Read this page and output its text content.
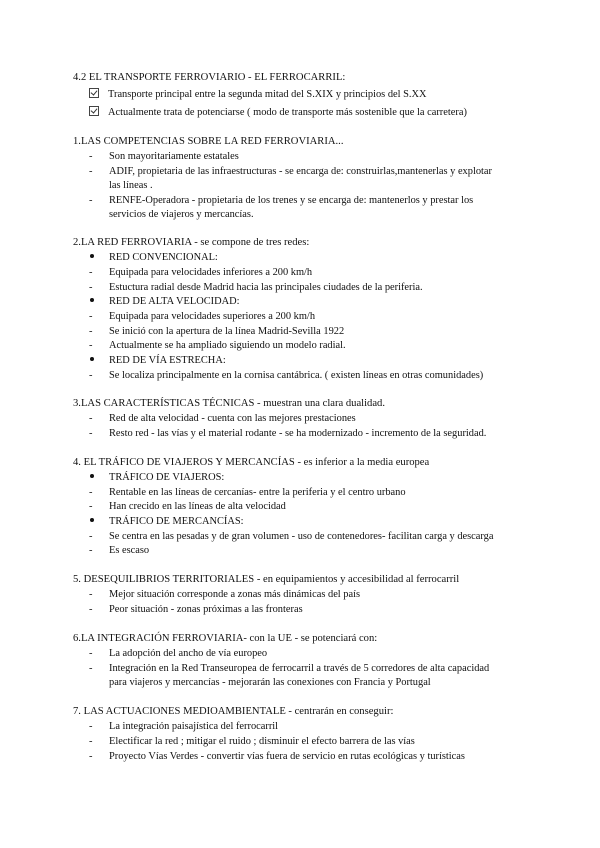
4.2 EL TRANSPORTE FERROVIARIO - EL FERROCARRIL:
Transporte principal entre la segunda mitad del S.XIX y principios del S.XX
Actualmente trata de potenciarse ( modo de transporte más sostenible que la carretera)
1.LAS COMPETENCIAS SOBRE LA RED FERROVIARIA...
- Son mayoritariamente estatales
- ADIF, propietaria de las infraestructuras - se encarga de: construirlas,mantenerlas y explotar
las líneas .
- RENFE-Operadora - propietaria de los trenes y se encarga de: mantenerlos y prestar los
servicios de viajeros y mercancías.
2.LA RED FERROVIARIA - se compone de tres redes:
RED CONVENCIONAL:
- Equipada para velocidades inferiores a 200 km/h
- Estuctura radial desde Madrid hacia las principales ciudades de la periferia.
RED DE ALTA VELOCIDAD:
- Equipada para velocidades superiores a 200 km/h
- Se inició con la apertura de la línea Madrid-Sevilla 1922
- Actualmente se ha ampliado siguiendo un modelo radial.
RED DE VÍA ESTRECHA:
- Se localiza principalmente en la cornisa cantábrica. ( existen líneas en otras comunidades)
3.LAS CARACTERÍSTICAS TÉCNICAS - muestran una clara dualidad.
- Red de alta velocidad - cuenta con las mejores prestaciones
- Resto red - las vías y el material rodante - se ha modernizado - incremento de la seguridad.
4. EL TRÁFICO DE VIAJEROS Y MERCANCÍAS - es inferior a la media europea
TRÁFICO DE VIAJEROS:
- Rentable en las líneas de cercanías- entre la periferia y el centro urbano
- Han crecido en las líneas de alta velocidad
TRÁFICO DE MERCANCÍAS:
- Se centra en las pesadas y de gran volumen - uso de contenedores- facilitan carga y descarga
- Es escaso
5. DESEQUILIBRIOS TERRITORIALES - en equipamientos y accesibilidad al ferrocarril
- Mejor situación corresponde a zonas más dinámicas del país
- Peor situación - zonas próximas a las fronteras
6.LA INTEGRACIÓN FERROVIARIA- con la UE - se potenciará con:
- La adopción del ancho de vía europeo
- Integración en la Red Transeuropea de ferrocarril a través de 5 corredores de alta capacidad
para viajeros y mercancías - mejorarán las conexiones con Francia y Portugal
7. LAS ACTUACIONES MEDIOAMBIENTALE - centrarán en conseguir:
- La integración paisajística del ferrocarril
- Electificar la red ; mitigar el ruido ; disminuir el efecto barrera de las vías
- Proyecto Vías Verdes - convertir vías fuera de servicio en rutas ecológicas y turísticas
